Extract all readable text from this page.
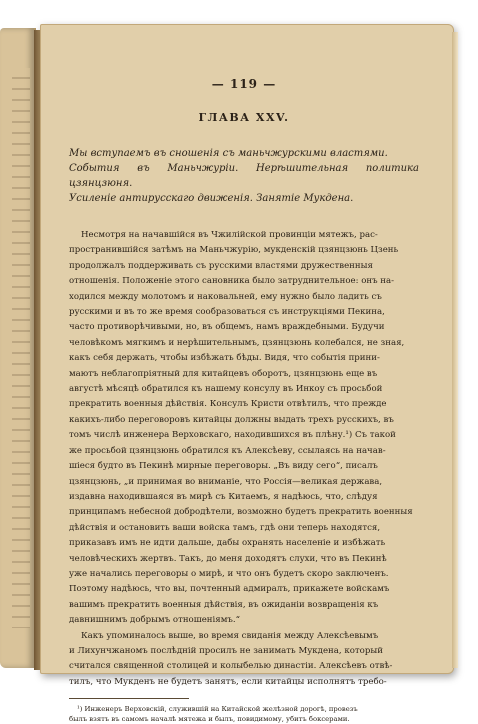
— 119 —
ГЛАВА XXV.
Мы вступаемъ въ сношенія съ маньчжурскими властями.
События въ Маньчжуріи. Нерѣшительная политика цзянцзюня.
Усиленіе антирусскаго движенія. Занятіе Мукдена.
Несмотря на начавшійся въ Чжилійской провинціи мятежъ, рас-
пространившійся затѣмъ на Маньчжурію, мукденскій цзянцзюнь Цзень
продолжалъ поддерживать съ русскими властями дружественныя
отношенія. Положеніе этого сановника было затруднительное: онъ на-
ходился между молотомъ и наковальней, ему нужно было ладить съ
русскими и въ то же время сообразоваться съ инструкціями Пекина,
часто противорѣчивыми, но, въ общемъ, намъ враждебными. Будучи
человѣкомъ мягкимъ и нерѣшительнымъ, цзянцзюнь колебался, не зная,
какъ себя держать, чтобы избѣжать бѣды. Видя, что событія прини-
маютъ неблагопріятный для китайцевъ оборотъ, цзянцзюнь еще въ
августѣ мѣсяцѣ обратился къ нашему консулу въ Инкоу съ просьбой
прекратить военныя дѣйствія. Консулъ Кристи отвѣтилъ, что прежде
какихъ-либо переговоровъ китайцы должны выдать трехъ русскихъ, въ
томъ числѣ инженера Верховскаго, находившихся въ плѣну.¹) Съ такой
же просьбой цзянцзюнь обратился къ Алексѣеву, ссылаясь на начав-
шіеся будто въ Пекинѣ мирные переговоры. „Въ виду сего“, писалъ
цзянцзюнь, „и принимая во вниманіе, что Россія—великая держава,
издавна находившаяся въ мирѣ съ Китаемъ, я надѣюсь, что, слѣдуя
принципамъ небесной добродѣтели, возможно будетъ прекратить военныя
дѣйствія и остановить ваши войска тамъ, гдѣ они теперь находятся,
приказавъ имъ не идти дальше, дабы охранять населеніе и избѣжать
человѣческихъ жертвъ. Такъ, до меня доходятъ слухи, что въ Пекинѣ
уже начались переговоры о мирѣ, и что онъ будетъ скоро заключенъ.
Поэтому надѣюсь, что вы, почтенный адмиралъ, прикажете войскамъ
вашимъ прекратить военныя дѣйствія, въ ожиданіи возвращенія къ
давнишнимъ добрымъ отношеніямъ.“
Какъ упоминалось выше, во время свиданія между Алексѣевымъ
и Лихунчжаномъ послѣдній просилъ не занимать Мукдена, который
считался священной столицей и колыбелью династіи. Алексѣевъ отвѣ-
тилъ, что Мукденъ не будетъ занятъ, если китайцы исполнятъ требо-
¹) Инженеръ Верховскій, служившій на Китайской желѣзной дорогѣ, провезъ
былъ взятъ въ самомъ началѣ мятежа и былъ, повидимому, убитъ боксерами.
